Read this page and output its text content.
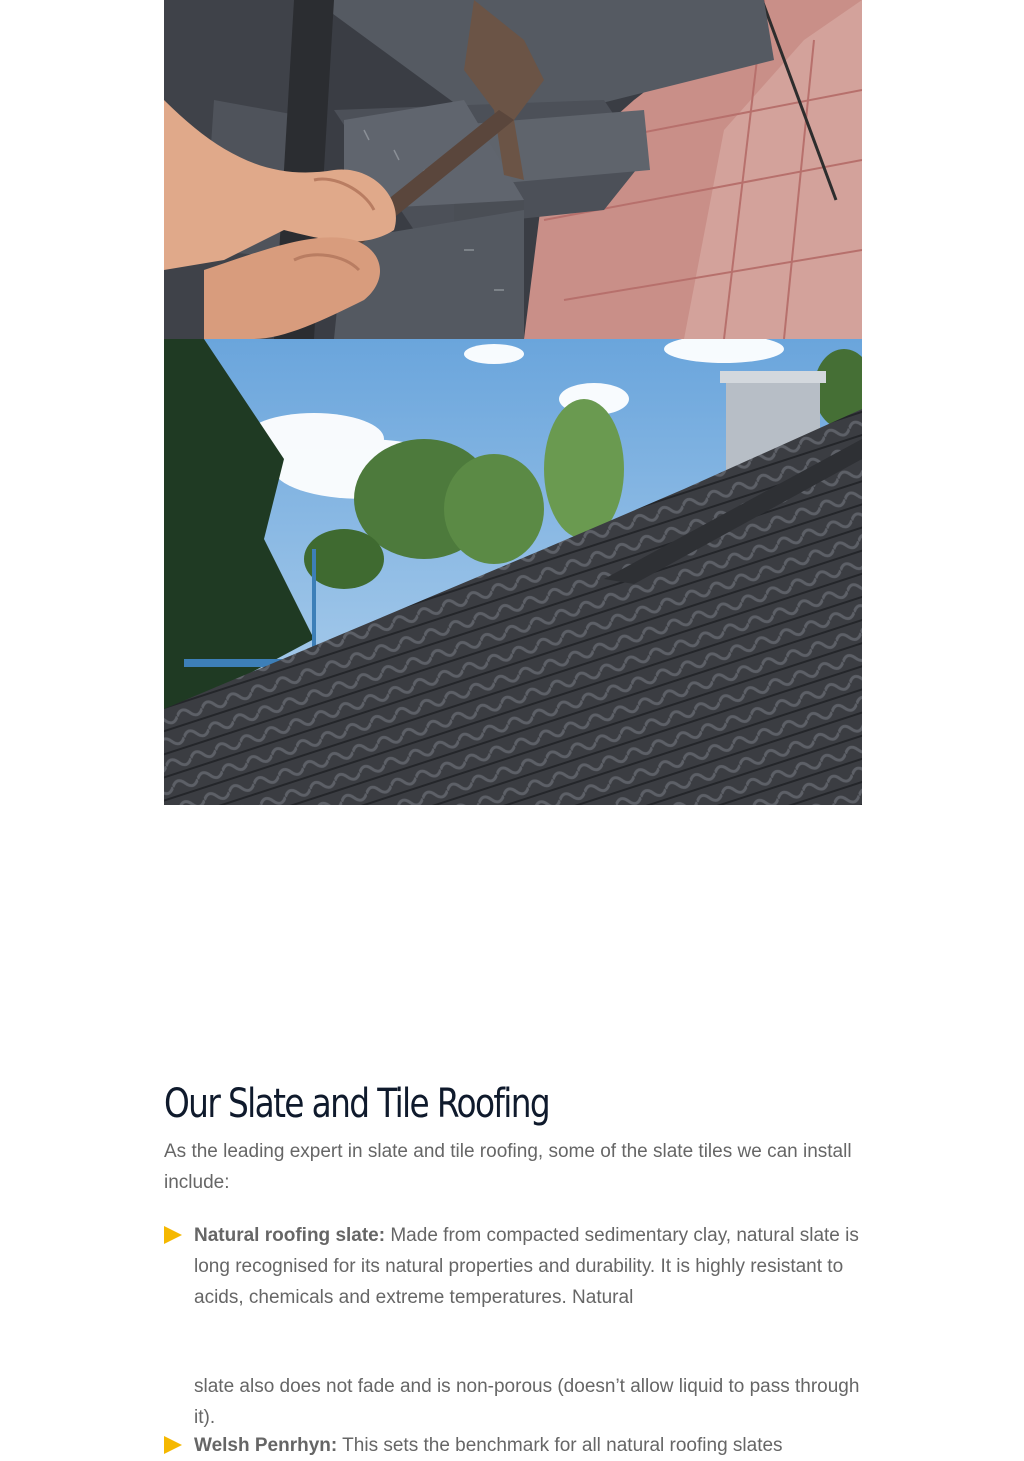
Our Slate and Tile Roofing

As the leading expert in slate and tile roofing, some of the slate tiles we can install include:

Natural roofing slate: Made from compacted sedimentary clay, natural slate is long recognised for its natural properties and durability. It is highly resistant to acids, chemicals and extreme temperatures. Natural

slate also does not fade and is non-porous (doesn’t allow liquid to pass through it).

Welsh Penrhyn: This sets the benchmark for all natural roofing slates
